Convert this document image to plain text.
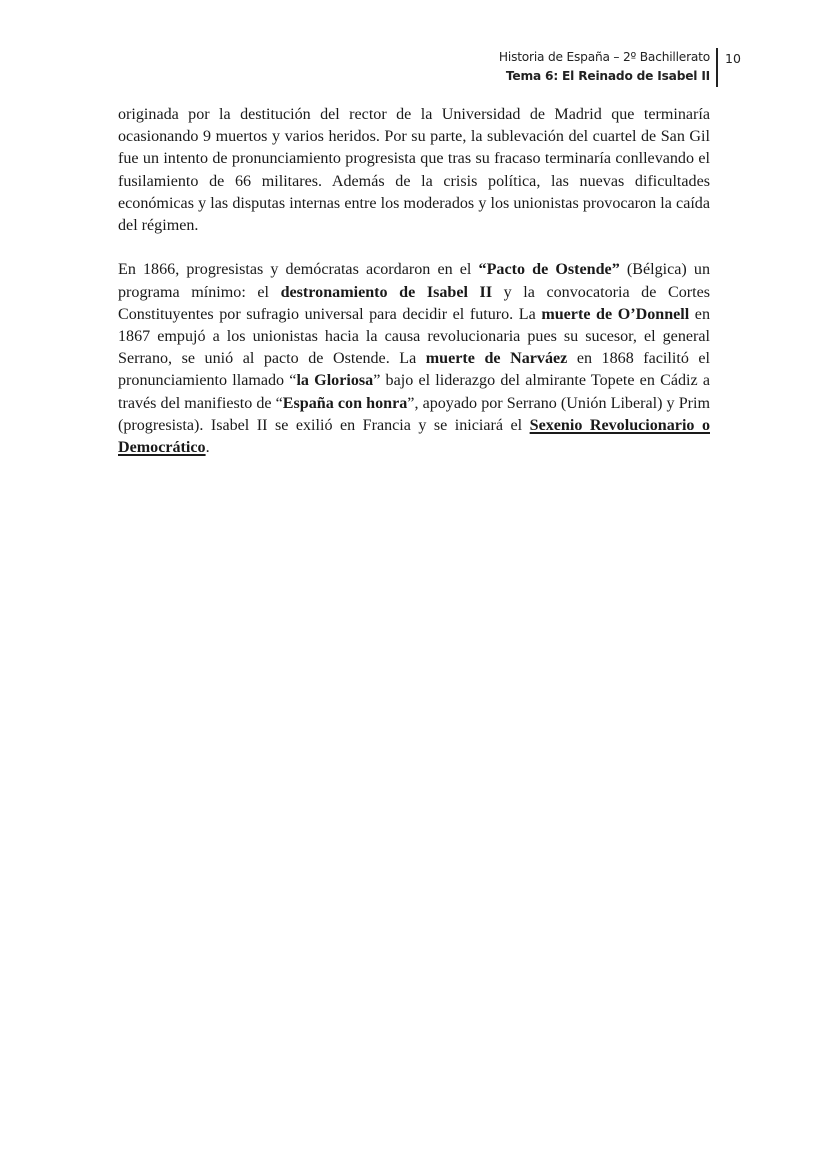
Historia de España – 2º Bachillerato
Tema 6: El Reinado de Isabel II
10

originada por la destitución del rector de la Universidad de Madrid que terminaría ocasionando 9 muertos y varios heridos. Por su parte, la sublevación del cuartel de San Gil fue un intento de pronunciamiento progresista que tras su fracaso terminaría conllevando el fusilamiento de 66 militares. Además de la crisis política, las nuevas dificultades económicas y las disputas internas entre los moderados y los unionistas provocaron la caída del régimen.

En 1866, progresistas y demócratas acordaron en el “Pacto de Ostende” (Bélgica) un programa mínimo: el destronamiento de Isabel II y la convocatoria de Cortes Constituyentes por sufragio universal para decidir el futuro. La muerte de O’Donnell en 1867 empujó a los unionistas hacia la causa revolucionaria pues su sucesor, el general Serrano, se unió al pacto de Ostende. La muerte de Narváez en 1868 facilitó el pronunciamiento llamado “la Gloriosa” bajo el liderazgo del almirante Topete en Cádiz a través del manifiesto de “España con honra”, apoyado por Serrano (Unión Liberal) y Prim (progresista). Isabel II se exilió en Francia y se iniciará el Sexenio Revolucionario o Democrático.
